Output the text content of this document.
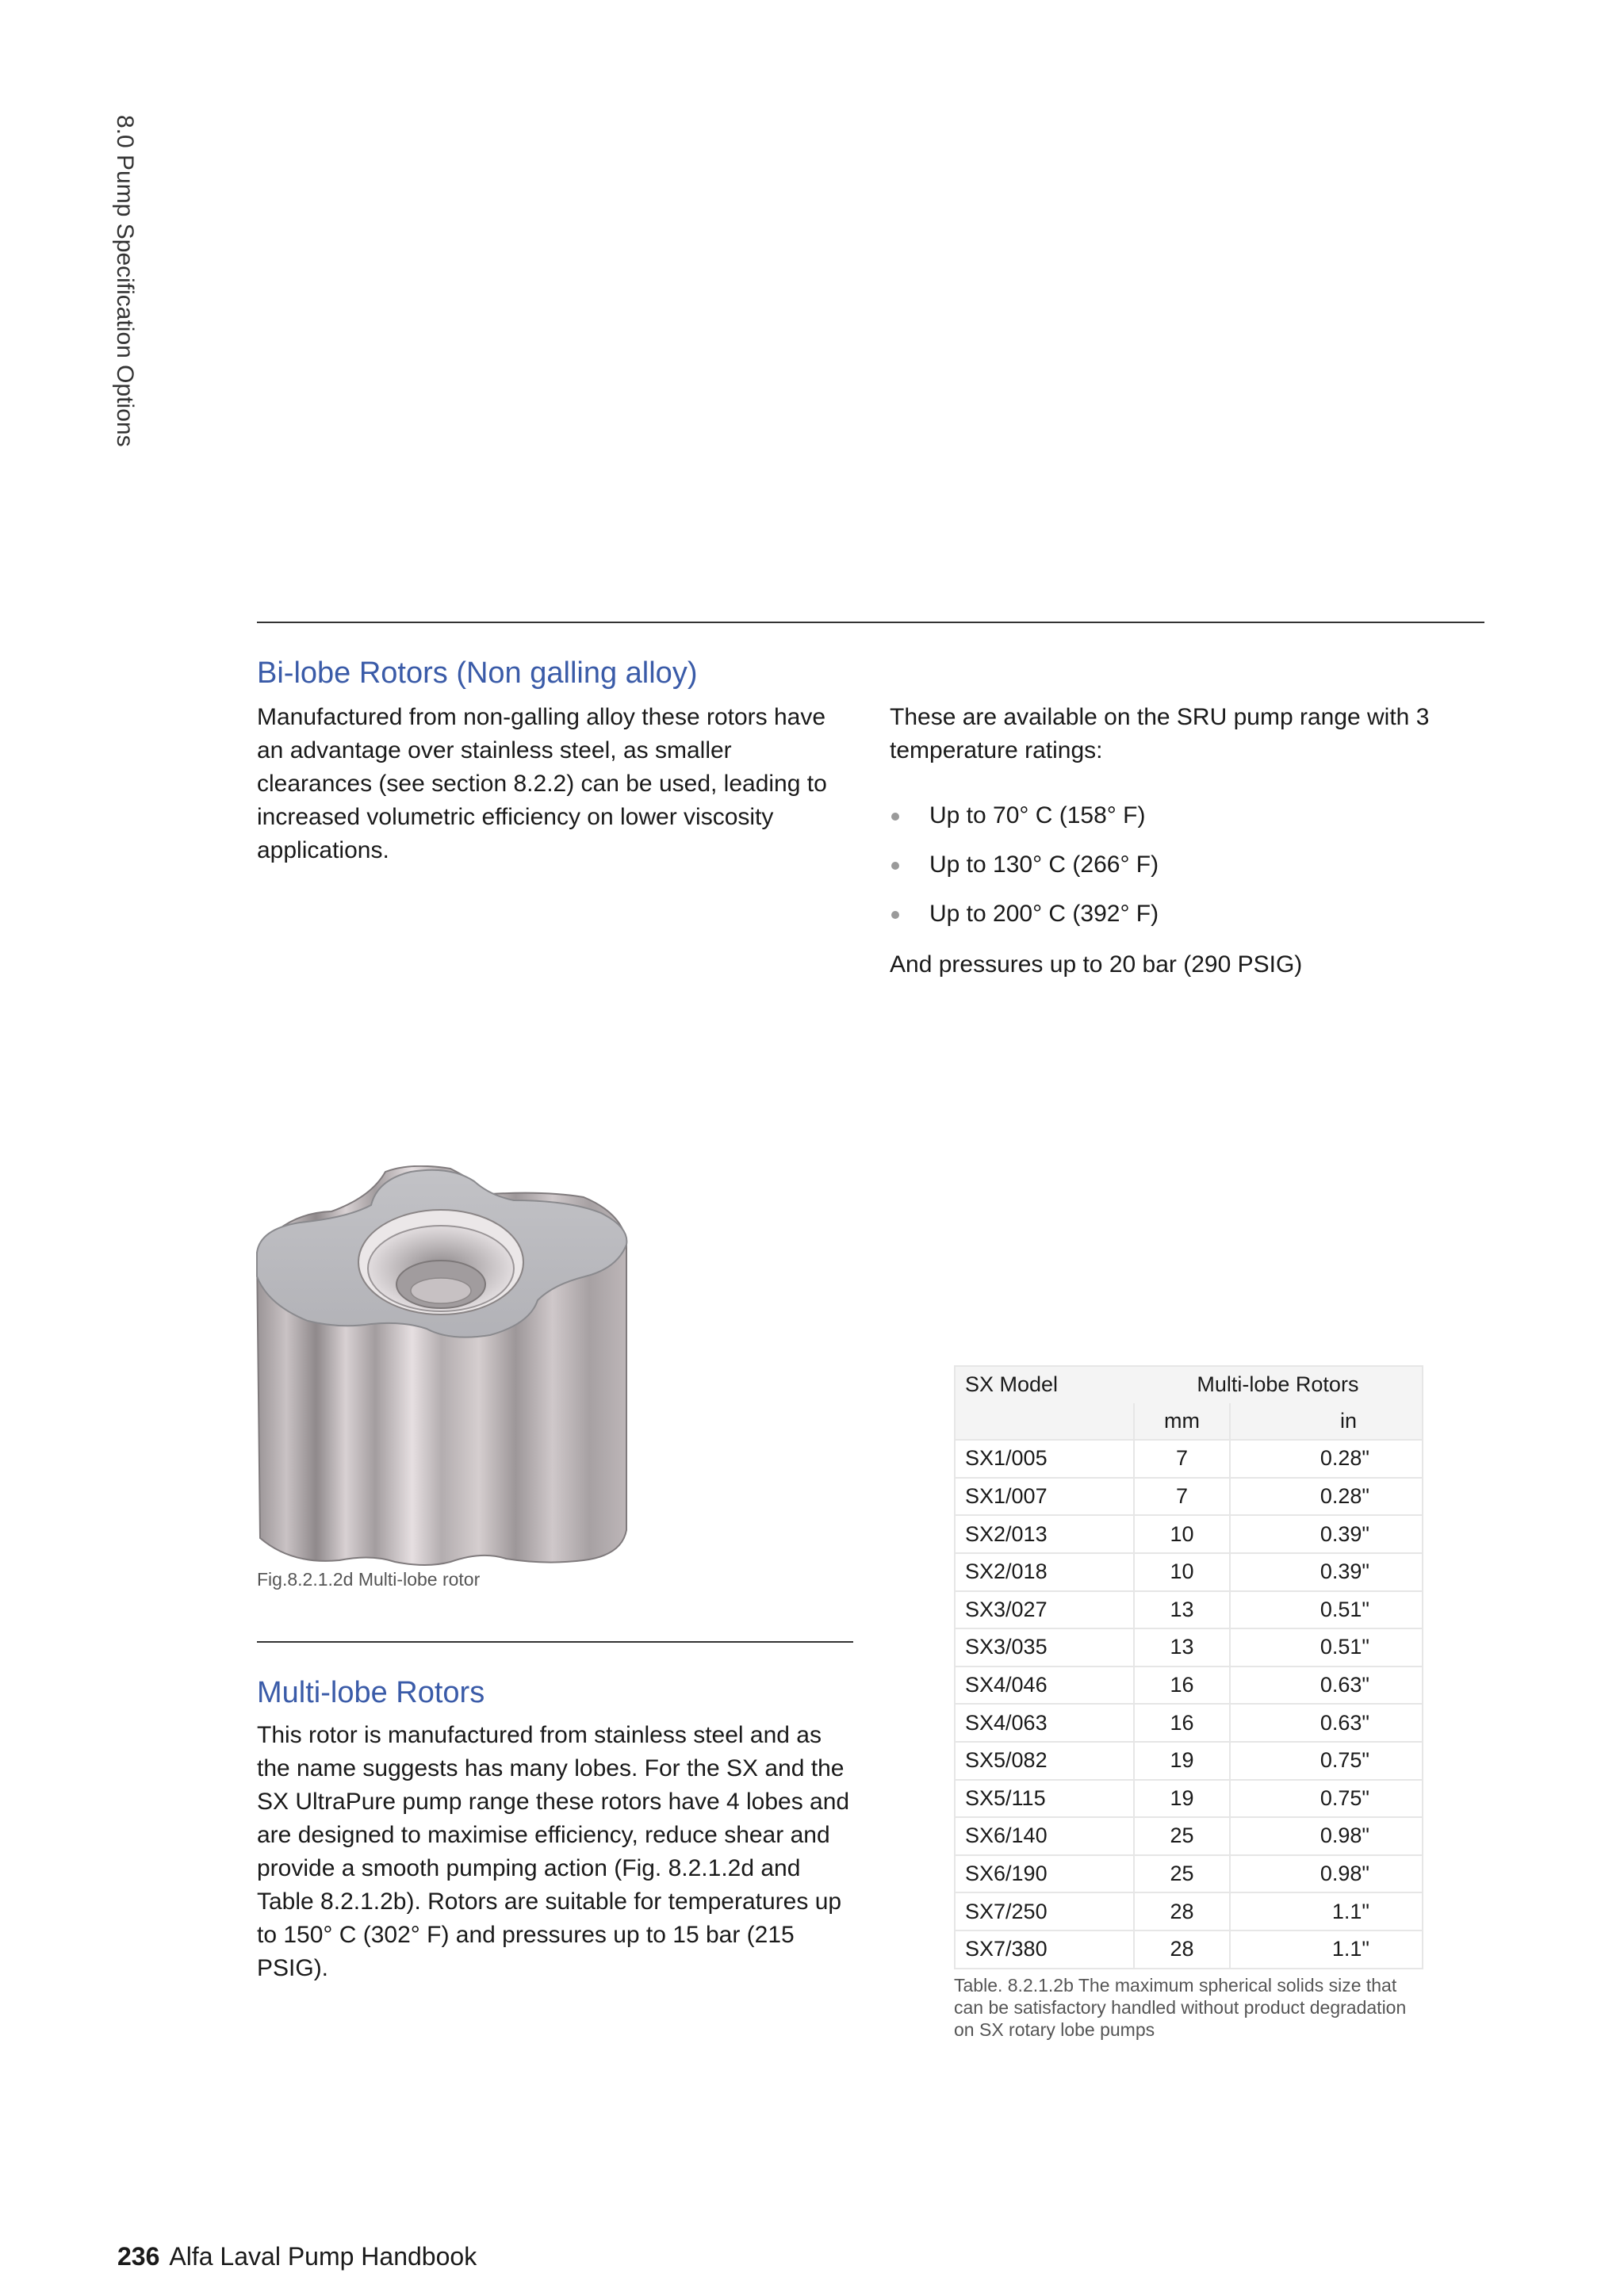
8.0 Pump Specification Options
Bi-lobe Rotors (Non galling alloy)

Manufactured from non-galling alloy these rotors have an advantage over stainless steel, as smaller clearances (see section 8.2.2) can be used, leading to increased volumetric efficiency on lower viscosity applications.

These are available on the SRU pump range with 3 temperature ratings:

Up to 70° C (158° F)
Up to 130° C (266° F)
Up to 200° C (392° F)

And pressures up to 20 bar (290 PSIG)

Fig.8.2.1.2d Multi-lobe rotor
Multi-lobe Rotors

This rotor is manufactured from stainless steel and as the name suggests has many lobes. For the SX and the SX UltraPure pump range these rotors have 4 lobes and are designed to maximise efficiency, reduce shear and provide a smooth pumping action (Fig. 8.2.1.2d and Table 8.2.1.2b). Rotors are suitable for temperatures up to 150° C (302° F) and pressures up to 15 bar (215 PSIG).

SX Model	Multi-lobe Rotors	
	mm	in
SX1/005	7	0.28"
SX1/007	7	0.28"
SX2/013	10	0.39"
SX2/018	10	0.39"
SX3/027	13	0.51"
SX3/035	13	0.51"
SX4/046	16	0.63"
SX4/063	16	0.63"
SX5/082	19	0.75"
SX5/115	19	0.75"
SX6/140	25	0.98"
SX6/190	25	0.98"
SX7/250	28	1.1"
SX7/380	28	1.1"
Table. 8.2.1.2b The maximum spherical solids size that can be satisfactory handled without product degradation on SX rotary lobe pumps
236 Alfa Laval Pump Handbook
